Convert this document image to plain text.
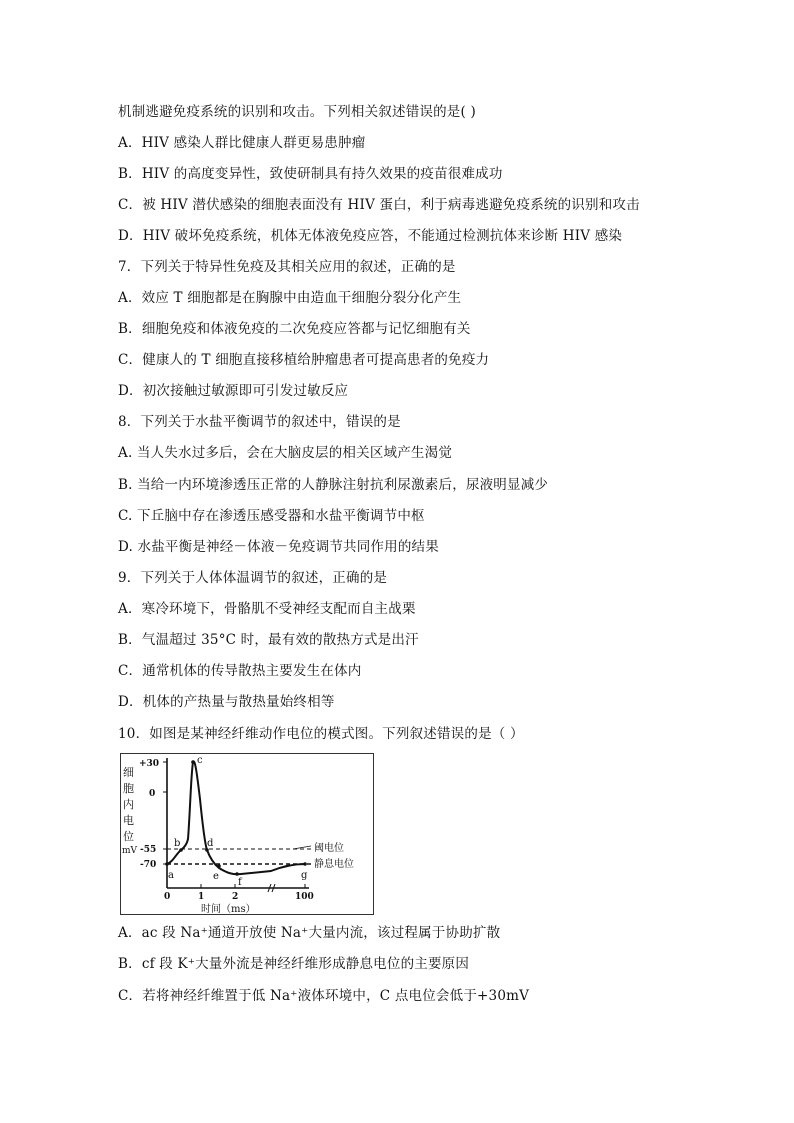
机制逃避免疫系统的识别和攻击。下列相关叙述错误的是( )
A．HIV 感染人群比健康人群更易患肿瘤
B．HIV 的高度变异性，致使研制具有持久效果的疫苗很难成功
C．被 HIV 潜伏感染的细胞表面没有 HIV 蛋白，利于病毒逃避免疫系统的识别和攻击
D．HIV 破坏免疫系统，机体无体液免疫应答，不能通过检测抗体来诊断 HIV 感染
7．下列关于特异性免疫及其相关应用的叙述，正确的是
A．效应 T 细胞都是在胸腺中由造血干细胞分裂分化产生
B．细胞免疫和体液免疫的二次免疫应答都与记忆细胞有关
C．健康人的 T 细胞直接移植给肿瘤患者可提高患者的免疫力
D．初次接触过敏源即可引发过敏反应
8．下列关于水盐平衡调节的叙述中，错误的是
A. 当人失水过多后，会在大脑皮层的相关区域产生渴觉
B. 当给一内环境渗透压正常的人静脉注射抗利尿激素后，尿液明显减少
C. 下丘脑中存在渗透压感受器和水盐平衡调节中枢
D. 水盐平衡是神经－体液－免疫调节共同作用的结果
9．下列关于人体体温调节的叙述，正确的是
A．寒冷环境下，骨骼肌不受神经支配而自主战栗
B．气温超过 35°C 时，最有效的散热方式是出汗
C．通常机体的传导散热主要发生在体内
D．机体的产热量与散热量始终相等
10．如图是某神经纤维动作电位的模式图。下列叙述错误的是（ ）
A．ac 段 Na⁺通道开放使 Na⁺大量内流，该过程属于协助扩散
B．cf 段 K⁺大量外流是神经纤维形成静息电位的主要原因
C．若将神经纤维置于低 Na⁺液体环境中，C 点电位会低于+30mV
细
胞
内
电
位
mV
+30
0
-55
-70
0	1	2	100
时间（ms）
阈电位
静息电位
-
a
b
c
d
e
f
g
